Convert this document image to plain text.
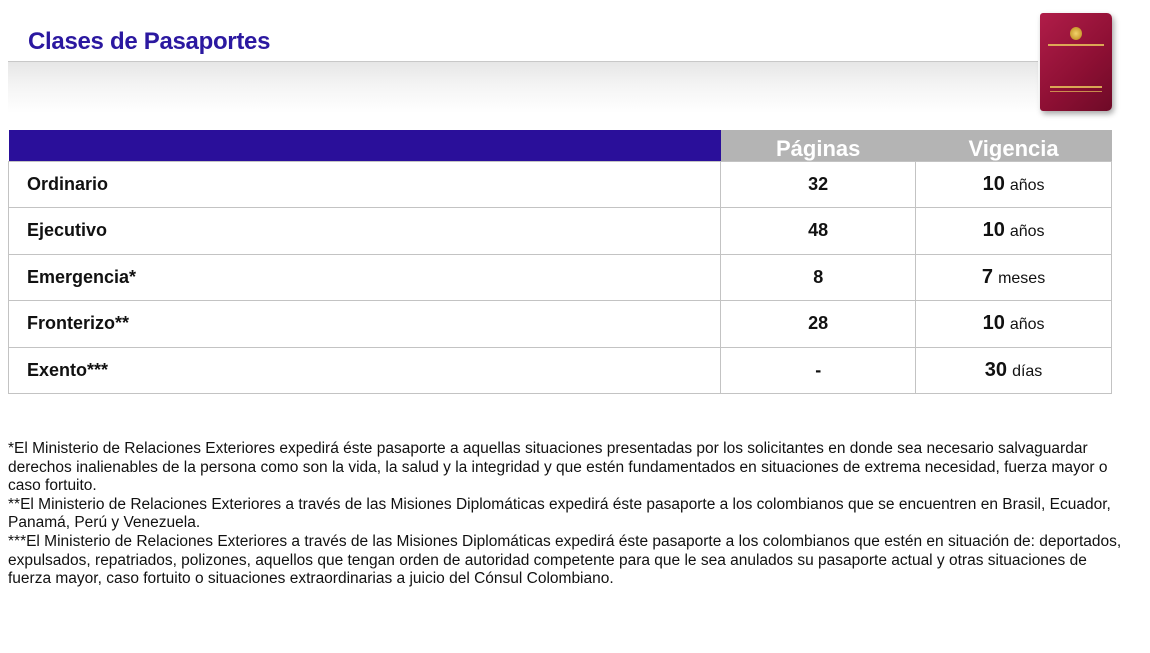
Clases de Pasaportes
	Páginas	Vigencia
Ordinario	32	10 años
Ejecutivo	48	10 años
Emergencia*	8	7 meses
Fronterizo**	28	10 años
Exento***	-	30 días

*El Ministerio de Relaciones Exteriores expedirá éste pasaporte a aquellas situaciones presentadas por los solicitantes en donde sea necesario salvaguardar derechos inalienables de la persona como son la vida, la salud y la integridad y que estén fundamentados en situaciones de extrema necesidad, fuerza mayor o caso fortuito.

**El Ministerio de Relaciones Exteriores a través de las Misiones Diplomáticas expedirá éste pasaporte a los colombianos que se encuentren en Brasil, Ecuador, Panamá, Perú y Venezuela.

***El Ministerio de Relaciones Exteriores a través de las Misiones Diplomáticas expedirá éste pasaporte a los colombianos que estén en situación de: deportados, expulsados, repatriados, polizones, aquellos que tengan orden de autoridad competente para que le sea anulados su pasaporte actual y otras situaciones de fuerza mayor, caso fortuito o situaciones extraordinarias a juicio del Cónsul Colombiano.
